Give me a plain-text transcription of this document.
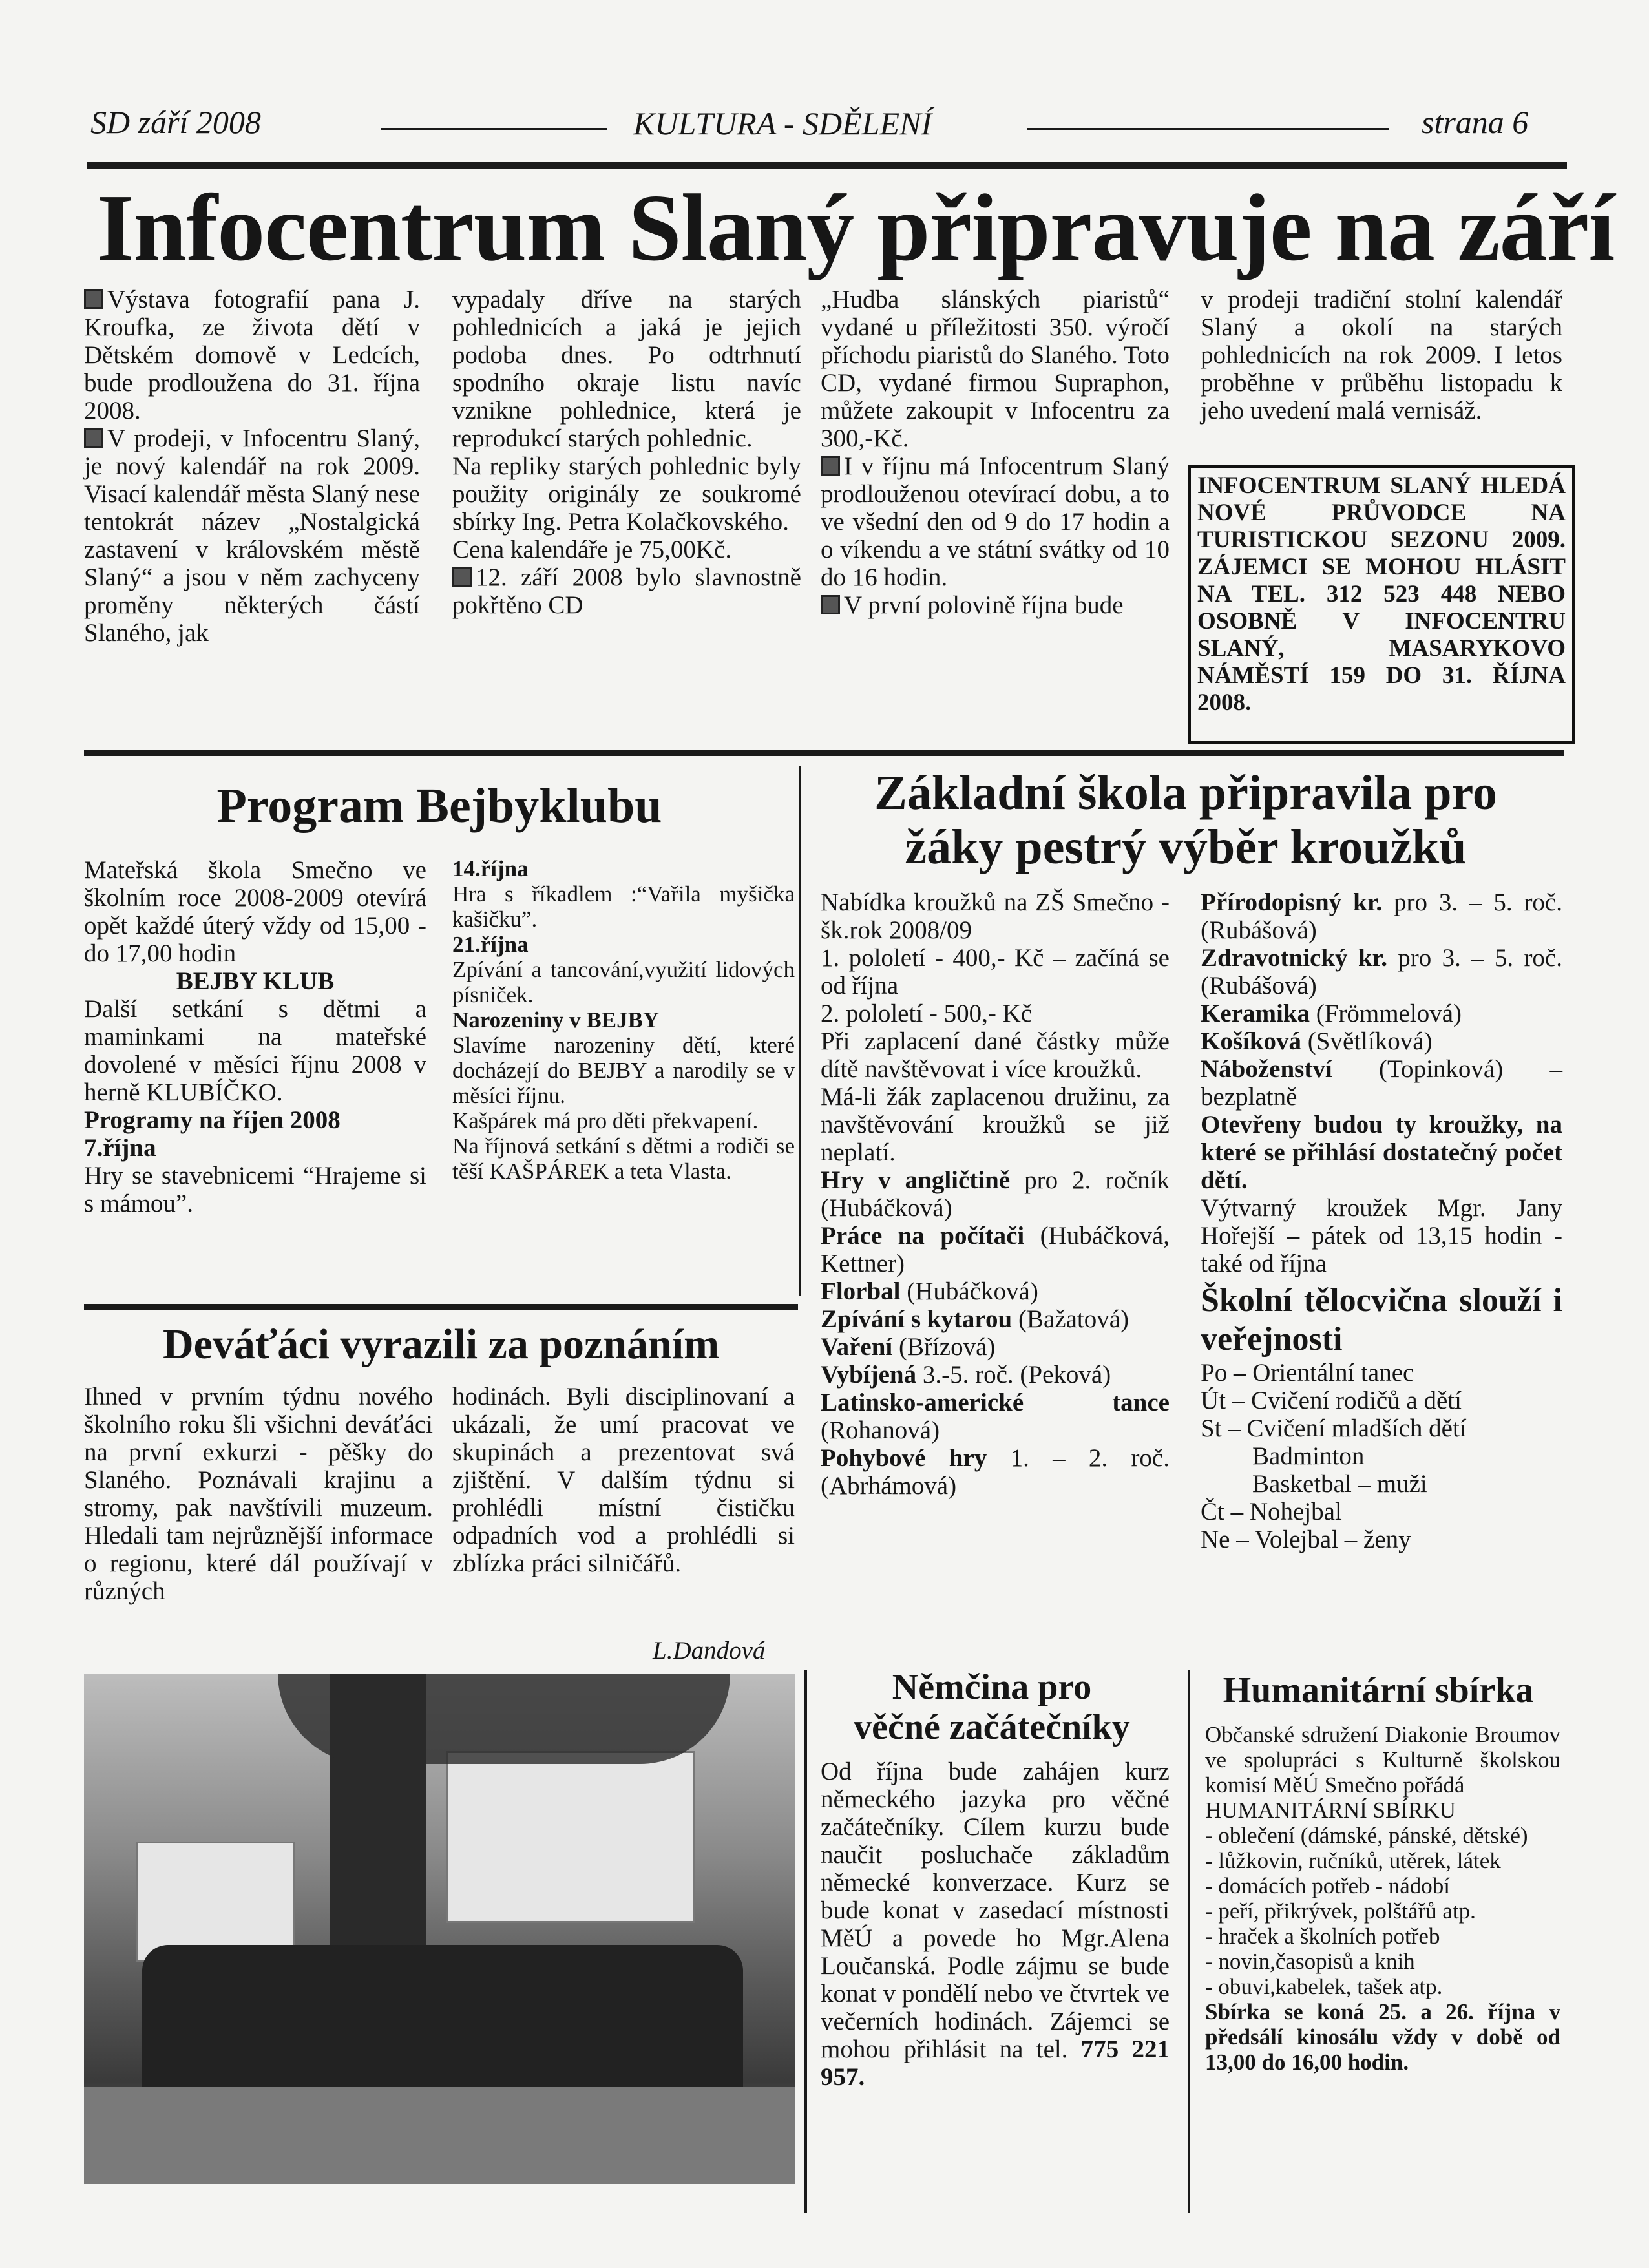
SD září 2008	KULTURA - SDĚLENÍ	strana 6
Infocentrum Slaný připravuje na září

Výstava fotografií pana J. Kroufka, ze života dětí v Dětském domově v Ledcích, bude prodloužena do 31. října 2008.

V prodeji, v Infocentru Slaný, je nový kalendář na rok 2009. Visací kalendář města Slaný nese tentokrát název „Nostalgická zastavení v královském městě Slaný“ a jsou v něm zachyceny proměny některých částí Slaného, jak

vypadaly dříve na starých pohlednicích a jaká je jejich podoba dnes. Po odtrhnutí spodního okraje listu navíc vznikne pohlednice, která je reprodukcí starých pohlednic.

Na repliky starých pohlednic byly použity originály ze soukromé sbírky Ing. Petra Kolačkovského.

Cena kalendáře je 75,00Kč.

12. září 2008 bylo slavnostně pokřtěno CD

„Hudba slánských piaristů“ vydané u příležitosti 350. výročí příchodu piaristů do Slaného. Toto CD, vydané firmou Supraphon, můžete zakoupit v Infocentru za 300,-Kč.

I v říjnu má Infocentrum Slaný prodlouženou otevírací dobu, a to ve všední den od 9 do 17 hodin a o víkendu a ve státní svátky od 10 do 16 hodin.

V první polovině října bude

v prodeji tradiční stolní kalendář Slaný a okolí na starých pohlednicích na rok 2009. I letos proběhne v průběhu listopadu k jeho uvedení malá vernisáž.
INFOCENTRUM SLANÝ HLEDÁ NOVÉ PRŮVODCE NA TURISTICKOU SEZONU 2009. ZÁJEMCI SE MOHOU HLÁSIT NA TEL. 312 523 448 NEBO OSOBNĚ V INFOCENTRU SLANÝ, MASARYKOVO NÁMĚSTÍ 159 DO 31. ŘÍJNA 2008.
Program Bejbyklubu

Mateřská škola Smečno ve školním roce 2008-2009 otevírá opět každé úterý vždy od 15,00 - do 17,00 hodin

BEJBY KLUB

Další setkání s dětmi a maminkami na mateřské dovolené v měsíci říjnu 2008 v herně KLUBÍČKO.

Programy na říjen 2008

7.října

Hry se stavebnicemi “Hrajeme si s mámou”.

14.října

Hra s říkadlem :“Vařila myšička kašičku”.

21.října

Zpívání a tancování,využití lidových písniček.

Narozeniny v BEJBY

Slavíme narozeniny dětí, které docházejí do BEJBY a narodily se v měsíci říjnu.

Kašpárek má pro děti překvapení.

Na říjnová setkání s dětmi a rodiči se těší KAŠPÁREK a teta Vlasta.

Deváťáci vyrazili za poznáním
Ihned v prvním týdnu nového školního roku šli všichni deváťáci na první exkurzi - pěšky do Slaného. Poznávali krajinu a stromy, pak navštívili muzeum. Hledali tam nejrůznější informace o regionu, které dál používají v různých
hodinách. Byli disciplinovaní a ukázali, že umí pracovat ve skupinách a prezentovat svá zjištění. V dalším týdnu si prohlédli místní čističku odpadních vod a prohlédli si zblízka práci silničářů.
L.Dandová
Základní škola připravila pro
žáky pestrý výběr kroužků

Nabídka kroužků na ZŠ Smečno - šk.rok 2008/09

1. pololetí - 400,- Kč – začíná se od října

2. pololetí - 500,- Kč

Při zaplacení dané částky může dítě navštěvovat i více kroužků.

Má-li žák zaplacenou družinu, za navštěvování kroužků se již neplatí.

Hry v angličtině pro 2. ročník (Hubáčková)

Práce na počítači (Hubáčková, Kettner)

Florbal (Hubáčková)

Zpívání s kytarou (Bažatová)

Vaření (Břízová)

Vybíjená 3.-5. roč. (Peková)

Latinsko-americké tance (Rohanová)

Pohybové hry 1. – 2. roč. (Abrhámová)

Přírodopisný kr. pro 3. – 5. roč. (Rubášová)

Zdravotnický kr. pro 3. – 5. roč. (Rubášová)

Keramika (Frömmelová)

Košíková (Světlíková)

Náboženství (Topinková) – bezplatně

Otevřeny budou ty kroužky, na které se přihlásí dostatečný počet dětí.

Výtvarný kroužek Mgr. Jany Hořejší – pátek od 13,15 hodin - také od října

Školní tělocvična slouží i veřejnosti

Po – Orientální tanec

Út – Cvičení rodičů a dětí

St – Cvičení mladších dětí

Badminton

Basketbal – muži

Čt – Nohejbal

Ne – Volejbal – ženy

Němčina pro
věčné začátečníky
Od října bude zahájen kurz německého jazyka pro věčné začátečníky. Cílem kurzu bude naučit posluchače základům německé konverzace. Kurz se bude konat v zasedací místnosti MěÚ a povede ho Mgr.Alena Loučanská. Podle zájmu se bude konat v pondělí nebo ve čtvrtek ve večerních hodinách. Zájemci se mohou přihlásit na tel. 775 221 957.
Humanitární sbírka

Občanské sdružení Diakonie Broumov ve spolupráci s Kulturně školskou komisí MěÚ Smečno pořádá

HUMANITÁRNÍ SBÍRKU

- oblečení (dámské, pánské, dětské)

- lůžkovin, ručníků, utěrek, látek

- domácích potřeb - nádobí

- peří, přikrývek, polštářů atp.

- hraček a školních potřeb

- novin,časopisů a knih

- obuvi,kabelek, tašek atp.

Sbírka se koná 25. a 26. října v předsálí kinosálu vždy v době od 13,00 do 16,00 hodin.
